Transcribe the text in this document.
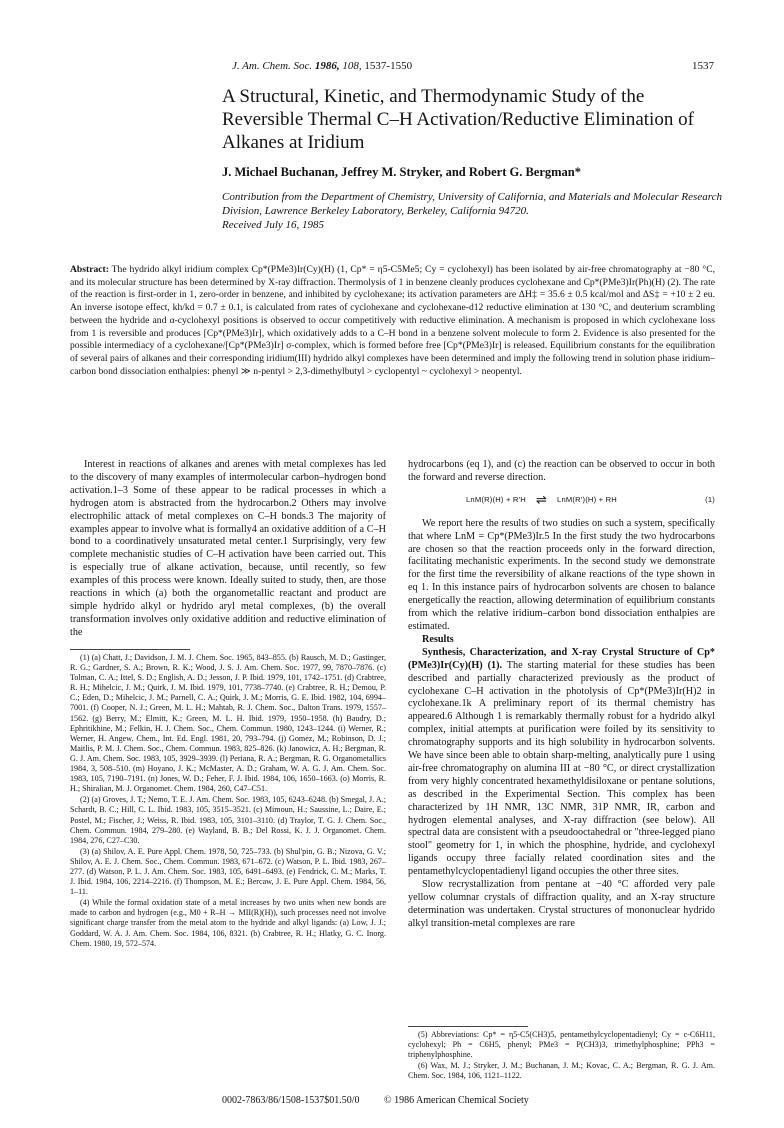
J. Am. Chem. Soc. 1986, 108, 1537-1550	1537
A Structural, Kinetic, and Thermodynamic Study of the Reversible Thermal C–H Activation/Reductive Elimination of Alkanes at Iridium
J. Michael Buchanan, Jeffrey M. Stryker, and Robert G. Bergman*
Contribution from the Department of Chemistry, University of California, and Materials and Molecular Research Division, Lawrence Berkeley Laboratory, Berkeley, California 94720.
Received July 16, 1985
Abstract: The hydrido alkyl iridium complex Cp*(PMe3)Ir(Cy)(H) (1, Cp* = η5-C5Me5; Cy = cyclohexyl) has been isolated by air-free chromatography at −80 °C, and its molecular structure has been determined by X-ray diffraction. Thermolysis of 1 in benzene cleanly produces cyclohexane and Cp*(PMe3)Ir(Ph)(H) (2). The rate of the reaction is first-order in 1, zero-order in benzene, and inhibited by cyclohexane; its activation parameters are ΔH‡ = 35.6 ± 0.5 kcal/mol and ΔS‡ = +10 ± 2 eu. An inverse isotope effect, kh/kd = 0.7 ± 0.1, is calculated from rates of cyclohexane and cyclohexane-d12 reductive elimination at 130 °C, and deuterium scrambling between the hydride and α-cyclohexyl positions is observed to occur competitively with reductive elimination. A mechanism is proposed in which cyclohexane loss from 1 is reversible and produces [Cp*(PMe3)Ir], which oxidatively adds to a C–H bond in a benzene solvent molecule to form 2. Evidence is also presented for the possible intermediacy of a cyclohexane/[Cp*(PMe3)Ir] σ-complex, which is formed before free [Cp*(PMe3)Ir] is released. Equilibrium constants for the equilibration of several pairs of alkanes and their corresponding iridium(III) hydrido alkyl complexes have been determined and imply the following trend in solution phase iridium–carbon bond dissociation enthalpies: phenyl ≫ n-pentyl > 2,3-dimethylbutyl > cyclopentyl ~ cyclohexyl > neopentyl.

Interest in reactions of alkanes and arenes with metal complexes has led to the discovery of many examples of intermolecular carbon–hydrogen bond activation.1–3 Some of these appear to be radical processes in which a hydrogen atom is abstracted from the hydrocarbon.2 Others may involve electrophilic attack of metal complexes on C–H bonds.3 The majority of examples appear to involve what is formally4 an oxidative addition of a C–H bond to a coordinatively unsaturated metal center.1 Surprisingly, very few complete mechanistic studies of C–H activation have been carried out. This is especially true of alkane activation, because, until recently, so few examples of this process were known. Ideally suited to study, then, are those reactions in which (a) both the organometallic reactant and product are simple hydrido alkyl or hydrido aryl metal complexes, (b) the overall transformation involves only oxidative addition and reductive elimination of the

(1) (a) Chatt, J.; Davidson, J. M. J. Chem. Soc. 1965, 843–855. (b) Rausch, M. D.; Gastinger, R. G.; Gardner, S. A.; Brown, R. K.; Wood, J. S. J. Am. Chem. Soc. 1977, 99, 7870–7876. (c) Tolman, C. A.; Ittel, S. D.; English, A. D.; Jesson, J. P. Ibid. 1979, 101, 1742–1751. (d) Crabtree, R. H.; Mihelcic, J. M.; Quirk, J. M. Ibid. 1979, 101, 7738–7740. (e) Crabtree, R. H.; Demou, P. C.; Eden, D.; Mihelcic, J. M.; Parnell, C. A.; Quirk, J. M.; Morris, G. E. Ibid. 1982, 104, 6994–7001. (f) Cooper, N. J.; Green, M. L. H.; Mahtab, R. J. Chem. Soc., Dalton Trans. 1979, 1557–1562. (g) Berry, M.; Elmitt, K.; Green, M. L. H. Ibid. 1979, 1950–1958. (h) Baudry, D.; Ephritikhine, M.; Felkin, H. J. Chem. Soc., Chem. Commun. 1980, 1243–1244. (i) Werner, R.; Werner, H. Angew. Chem., Int. Ed. Engl. 1981, 20, 793–794. (j) Gomez, M.; Robinson, D. J.; Maitlis, P. M. J. Chem. Soc., Chem. Commun. 1983, 825–826. (k) Janowicz, A. H.; Bergman, R. G. J. Am. Chem. Soc. 1983, 105, 3929–3939. (l) Periana, R. A.; Bergman, R. G. Organometallics 1984, 3, 508–510. (m) Hoyano, J. K.; McMaster, A. D.; Graham, W. A. G. J. Am. Chem. Soc. 1983, 105, 7190–7191. (n) Jones, W. D.; Feher, F. J. Ibid. 1984, 106, 1650–1663. (o) Morris, R. H.; Shiralian, M. J. Organomet. Chem. 1984, 260, C47–C51.

(2) (a) Groves, J. T.; Nemo, T. E. J. Am. Chem. Soc. 1983, 105, 6243–6248. (b) Smegal, J. A.; Schardt, B. C.; Hill, C. L. Ibid. 1983, 105, 3515–3521. (c) Mimoun, H.; Saussine, L.; Daire, E.; Postel, M.; Fischer, J.; Weiss, R. Ibid. 1983, 105, 3101–3110. (d) Traylor, T. G. J. Chem. Soc., Chem. Commun. 1984, 279–280. (e) Wayland, B. B.; Del Rossi, K. J. J. Organomet. Chem. 1984, 276, C27–C30.

(3) (a) Shilov, A. E. Pure Appl. Chem. 1978, 50, 725–733. (b) Shul'pin, G. B.; Nizova, G. V.; Shilov, A. E. J. Chem. Soc., Chem. Commun. 1983, 671–672. (c) Watson, P. L. Ibid. 1983, 267–277. (d) Watson, P. L. J. Am. Chem. Soc. 1983, 105, 6491–6493. (e) Fendrick, C. M.; Marks, T. J. Ibid. 1984, 106, 2214–2216. (f) Thompson, M. E.; Bercaw, J. E. Pure Appl. Chem. 1984, 56, 1–11.

(4) While the formal oxidation state of a metal increases by two units when new bonds are made to carbon and hydrogen (e.g., M0 + R–H → MII(R)(H)), such processes need not involve significant charge transfer from the metal atom to the hydride and alkyl ligands: (a) Low, J. J.; Goddard, W. A. J. Am. Chem. Soc. 1984, 106, 8321. (b) Crabtree, R. H.; Hlatky, G. C. Inorg. Chem. 1980, 19, 572–574.

hydrocarbons (eq 1), and (c) the reaction can be observed to occur in both the forward and reverse direction.

LnM(R)(H) + R'H ⇌ LnM(R')(H) + RH	(1)

We report here the results of two studies on such a system, specifically that where LnM = Cp*(PMe3)Ir.5 In the first study the two hydrocarbons are chosen so that the reaction proceeds only in the forward direction, facilitating mechanistic experiments. In the second study we demonstrate for the first time the reversibility of alkane reactions of the type shown in eq 1. In this instance pairs of hydrocarbon solvents are chosen to balance energetically the reaction, allowing determination of equilibrium constants from which the relative iridium–carbon bond dissociation enthalpies are estimated.

Results

Synthesis, Characterization, and X-ray Crystal Structure of Cp*(PMe3)Ir(Cy)(H) (1). The starting material for these studies has been described and partially characterized previously as the product of cyclohexane C–H activation in the photolysis of Cp*(PMe3)Ir(H)2 in cyclohexane.1k A preliminary report of its thermal chemistry has appeared.6 Although 1 is remarkably thermally robust for a hydrido alkyl complex, initial attempts at purification were foiled by its sensitivity to chromatography supports and its high solubility in hydrocarbon solvents. We have since been able to obtain sharp-melting, analytically pure 1 using air-free chromatography on alumina III at −80 °C, or direct crystallization from very highly concentrated hexamethyldisiloxane or pentane solutions, as described in the Experimental Section. This complex has been characterized by 1H NMR, 13C NMR, 31P NMR, IR, carbon and hydrogen elemental analyses, and X-ray diffraction (see below). All spectral data are consistent with a pseudooctahedral or "three-legged piano stool" geometry for 1, in which the phosphine, hydride, and cyclohexyl ligands occupy three facially related coordination sites and the pentamethylcyclopentadienyl ligand occupies the other three sites.

Slow recrystallization from pentane at −40 °C afforded very pale yellow columnar crystals of diffraction quality, and an X-ray structure determination was undertaken. Crystal structures of mononuclear hydrido alkyl transition-metal complexes are rare

(5) Abbreviations: Cp* = η5-C5(CH3)5, pentamethylcyclopentadienyl; Cy = c-C6H11, cyclohexyl; Ph = C6H5, phenyl; PMe3 = P(CH3)3, trimethylphosphine; PPh3 = triphenylphosphine.

(6) Wax, M. J.; Stryker, J. M.; Buchanan, J. M.; Kovac, C. A.; Bergman, R. G. J. Am. Chem. Soc. 1984, 106, 1121–1122.

0002-7863/86/1508-1537$01.50/0 © 1986 American Chemical Society
